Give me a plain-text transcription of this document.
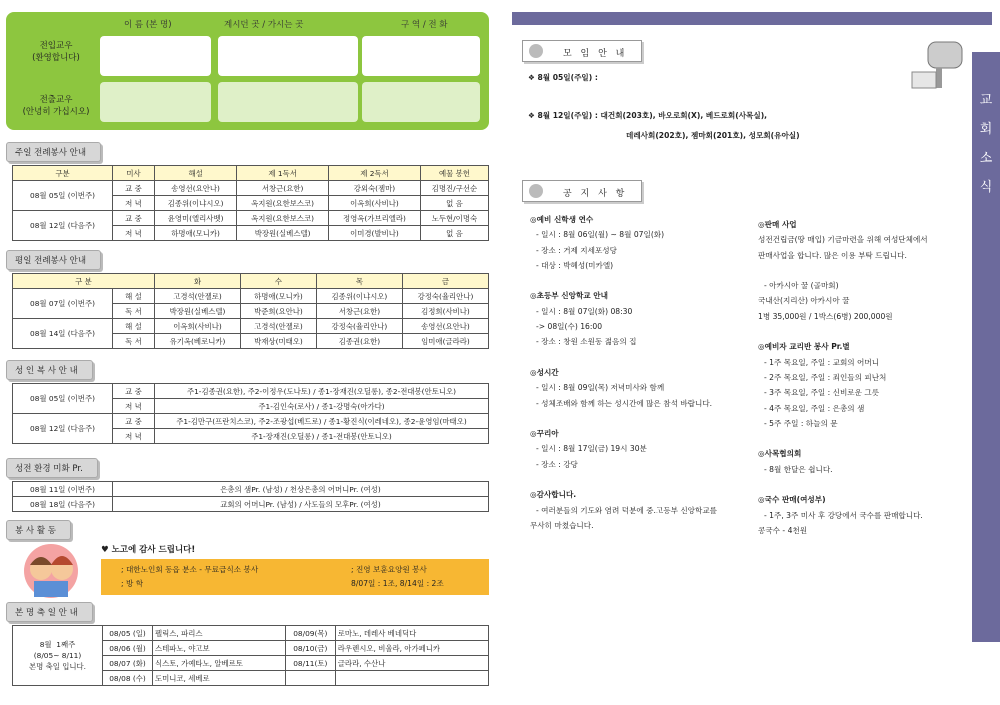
이 름 (본 명)	계시던 곳 / 가시는 곳	구 역 / 전 화
전입교우
(환영합니다)
전출교우
(안녕히 가십시오)
주일 전례봉사 안내
구분	미사	해설	제 1독서	제 2독서	예물 봉헌
08월 05일 (이번주)	교 중	송영선(요안나)	서창근(요한)	강외숙(젬마)	김명진/구선순
	저 녁	김종위(이냐시오)	옥지원(요한보스코)	이옥희(사비나)	없 음
08월 12일 (다음주)	교 중	윤영미(엘리사벳)	옥지원(요한보스코)	정영옥(가브리엘라)	노두현/이명숙
	저 녁	하명애(모니카)	박장원(실베스텔)	이미경(발비나)	없 음
평일 전례봉사 안내
구 분		화	수	목	금
08월 07일 (이번주)	해 설	고경석(안젤로)	하명애(모니카)	김종위(이냐시오)	강정숙(율리안나)
	독 서	박장원(실베스텔)	박준희(요안나)	서창근(요한)	김정희(사비나)
08월 14일 (다음주)	해 설	이옥희(사비나)	고경석(안젤로)	강정숙(율리안나)	송영선(요안나)
	독 서	유기옥(베로니카)	박재상(미태오)	김종권(요한)	임미애(글라라)
성 인 복 사 안 내
08월 05일 (이번주)	교 중	주1-김종권(요한), 주2-이정우(도나토) / 종1-장재진(오딜롱), 종2-전대봉(안토니오)
	저 녁	주1-김인숙(로사) / 종1-강명숙(아가다)
08월 12일 (다음주)	교 중	주1-김만구(프란치스코), 주2-조광섭(베드로) / 종1-황진식(이레네오), 종2-윤영임(마태오)
	저 녁	주1-장재진(오딜롱) / 종1-전대봉(안토니오)
성전 환경 미화 Pr.
08월 11일 (이번주)	은총의 샘Pr. (남성) / 천상은총의 어머니Pr. (여성)
08월 18일 (다음주)	교회의 어머니Pr. (남성) / 사도들의 모후Pr. (여성)
봉 사 활 동
♥ 노고에 감사 드립니다!
; 대한노인회 동읍 분소 - 무료급식소 봉사
; 방 학
; 진영 보훈요양원 봉사
8/07일 : 1조, 8/14일 : 2조
본 명 축 일 안 내
8월  1째주
(8/05~ 8/11)
본명 축일 입니다.	08/05 (일)	펠릭스, 파리스	08/09(목)	로마노, 데레사 베네딕다
	08/06 (월)	스테파노, 야고보	08/10(금)	라우렌시오, 비울라, 아가페니카
	08/07 (화)	식스토, 가예타노, 알베르토	08/11(토)	글라라, 수산나
	08/08 (수)	도미니코, 세베로		
교
회
소
식
모 임 안 내
❖ 8월 05일(주일) :
❖ 8월 12일(주일) : 대건회(203호), 바오로회(X), 베드로회(사목실),
데레사회(202호), 젬마회(201호), 성모회(유아실)
공 지 사 항
◎예비 신학생 연수
- 일시 : 8월 06일(월) ~ 8월 07일(화)
- 장소 : 거제 지세포성당
- 대상 : 박혜성(미카엘)
◎초등부 신앙학교 안내
- 일시 : 8월 07일(화) 08:30
-> 08일(수) 16:00
- 장소 : 창원 소원동 젊음의 집
◎성시간
- 일시 : 8월 09일(목) 저녁미사와 함께
- 성체조배와 함께 하는 성시간에 많은 참석 바랍니다.
◎꾸리아
- 일시 : 8월 17일(금) 19시 30분
- 장소 : 강당
◎감사합니다.
- 여러분들의 기도와 염려 덕분에 중.고등부 신앙학교를
무사히 마쳤습니다.
◎판매 사업
성전건립금(땅 매입) 기금마련을 위해 여성단체에서
판매사업을 합니다. 많은 이용 부탁 드립니다.
- 아카시아 꿀 (골마회)
국내산(지리산) 아카시아 꿀
1병 35,000원 / 1박스(6병) 200,000원
◎예비자 교리반 봉사 Pr.별
- 1주 목요일, 주일 : 교회의 어머니
- 2주 목요일, 주일 : 죄인들의 피난처
- 3주 목요일, 주일 : 신비로운 그릇
- 4주 목요일, 주일 : 은총의 샘
- 5주 주일 : 하늘의 문
◎사목협의회
- 8월 한달은 쉽니다.
◎국수 판매(여성부)
- 1주, 3주 미사 후 강당에서 국수를 판매합니다.
콩국수 - 4천원
